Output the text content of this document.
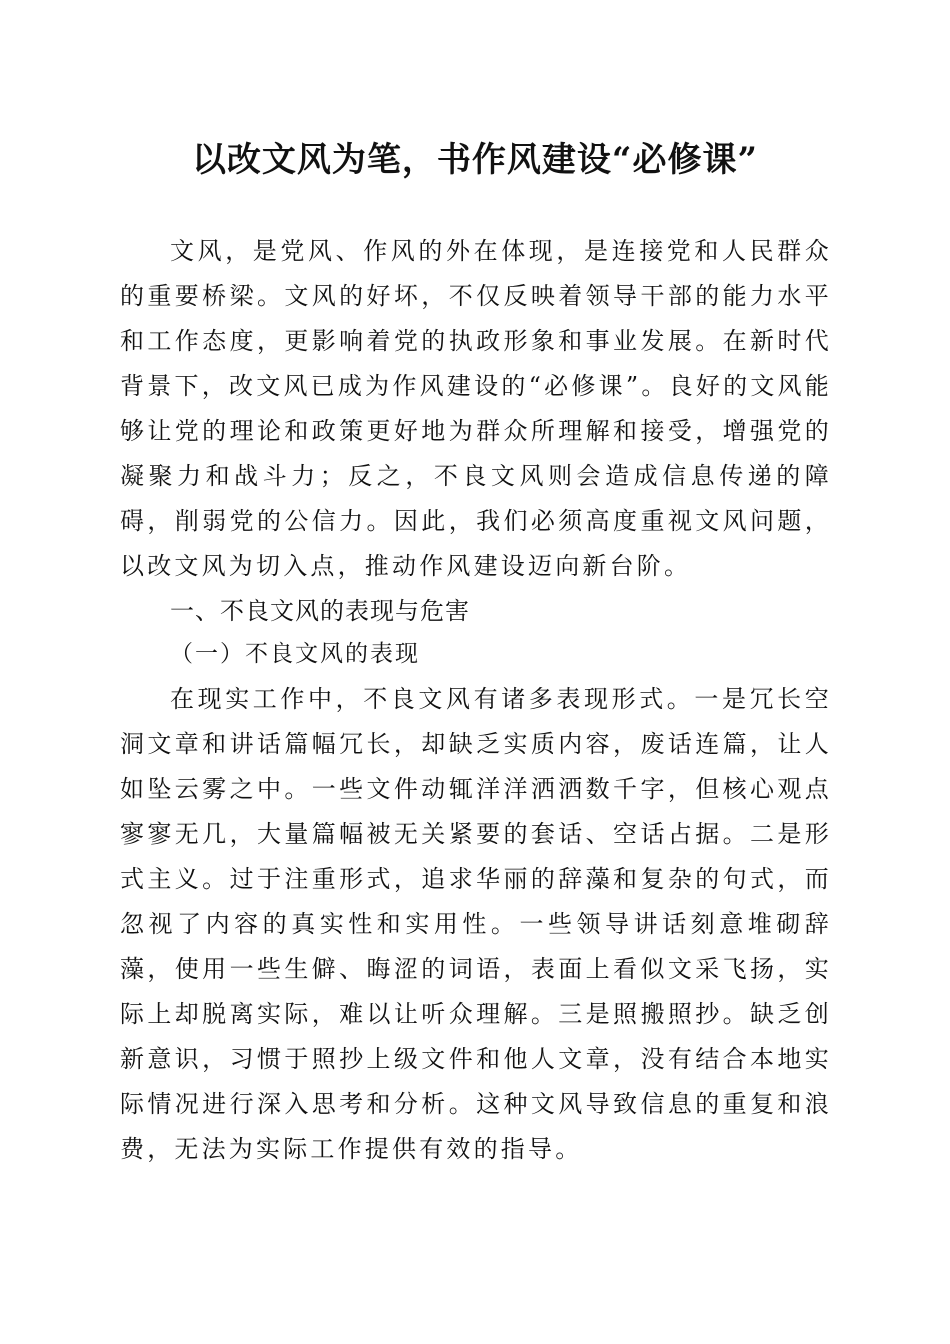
以改文风为笔，书作风建设“必修课”

文风，是党风、作风的外在体现，是连接党和人民群众的重要桥梁。文风的好坏，不仅反映着领导干部的能力水平和工作态度，更影响着党的执政形象和事业发展。在新时代背景下，改文风已成为作风建设的“必修课”。良好的文风能够让党的理论和政策更好地为群众所理解和接受，增强党的凝聚力和战斗力；反之，不良文风则会造成信息传递的障碍，削弱党的公信力。因此，我们必须高度重视文风问题，以改文风为切入点，推动作风建设迈向新台阶。

一、不良文风的表现与危害
（一）不良文风的表现

在现实工作中，不良文风有诸多表现形式。一是冗长空洞文章和讲话篇幅冗长，却缺乏实质内容，废话连篇，让人如坠云雾之中。一些文件动辄洋洋洒洒数千字，但核心观点寥寥无几，大量篇幅被无关紧要的套话、空话占据。二是形式主义。过于注重形式，追求华丽的辞藻和复杂的句式，而忽视了内容的真实性和实用性。一些领导讲话刻意堆砌辞藻，使用一些生僻、晦涩的词语，表面上看似文采飞扬，实际上却脱离实际，难以让听众理解。三是照搬照抄。缺乏创新意识，习惯于照抄上级文件和他人文章，没有结合本地实际情况进行深入思考和分析。这种文风导致信息的重复和浪费，无法为实际工作提供有效的指导。
